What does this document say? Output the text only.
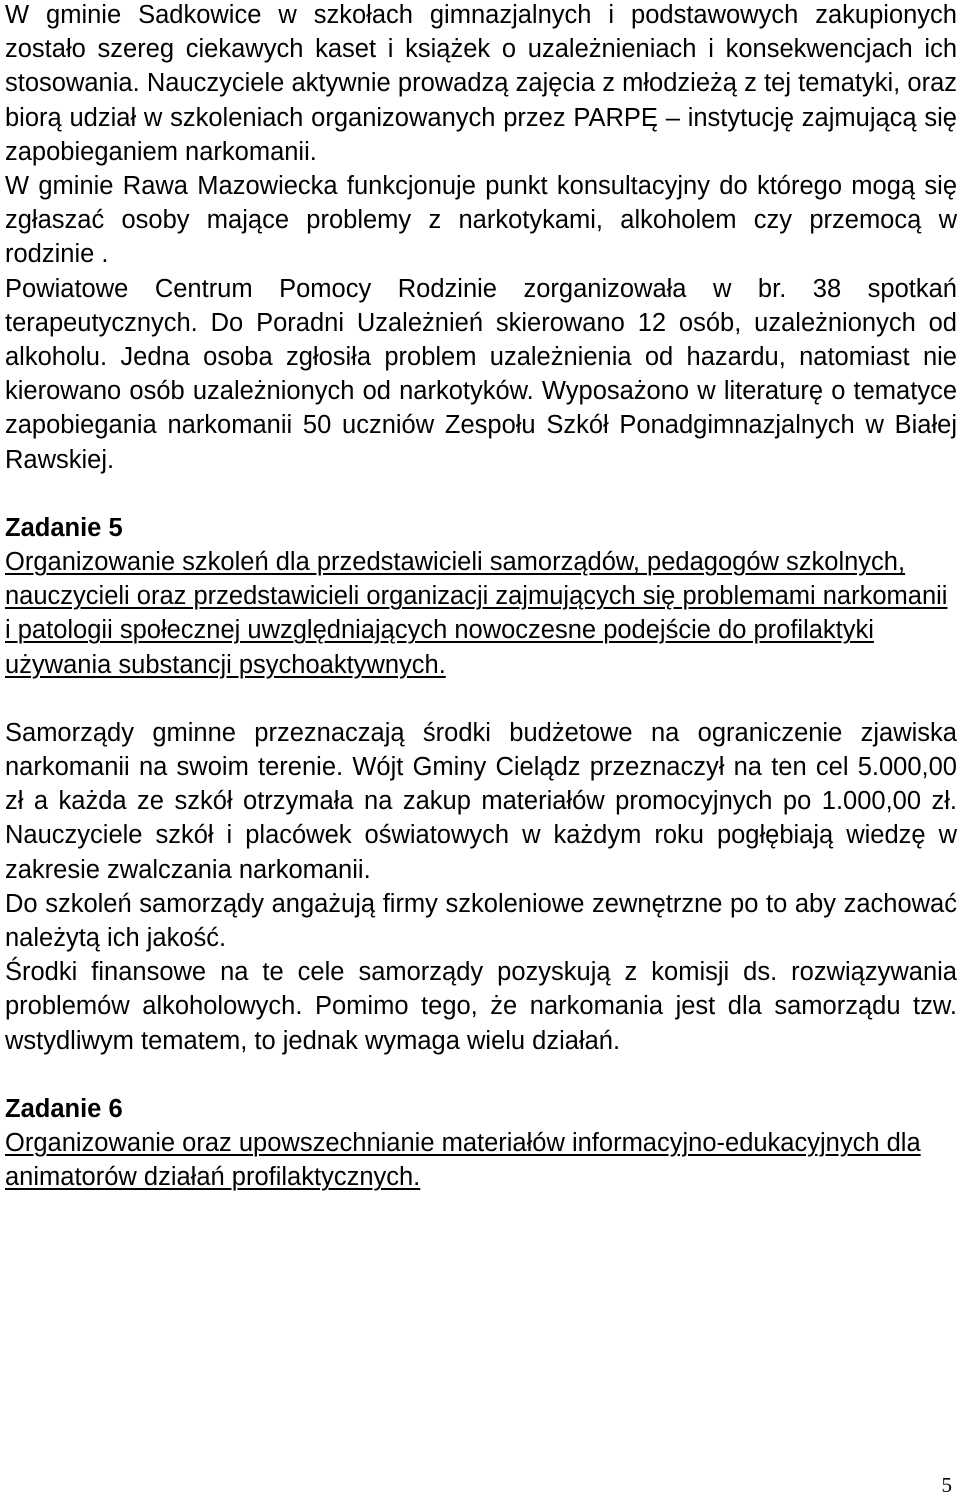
W gminie Sadkowice w szkołach gimnazjalnych i podstawowych zakupionych zostało szereg ciekawych kaset i książek o uzależnieniach i konsekwencjach ich stosowania. Nauczyciele aktywnie prowadzą zajęcia z młodzieżą z tej tematyki, oraz biorą udział w szkoleniach organizowanych przez PARPĘ – instytucję zajmującą się zapobieganiem narkomanii.

W gminie Rawa Mazowiecka funkcjonuje punkt konsultacyjny do którego mogą się zgłaszać osoby mające problemy z narkotykami, alkoholem czy przemocą w rodzinie .

Powiatowe Centrum Pomocy Rodzinie zorganizowała w br. 38 spotkań terapeutycznych. Do Poradni Uzależnień skierowano 12 osób, uzależnionych od alkoholu. Jedna osoba zgłosiła problem uzależnienia od hazardu, natomiast nie kierowano osób uzależnionych od narkotyków. Wyposażono w literaturę o tematyce zapobiegania narkomanii 50 uczniów Zespołu Szkół Ponadgimnazjalnych w Białej Rawskiej.

Zadanie 5

Organizowanie szkoleń dla przedstawicieli samorządów, pedagogów szkolnych, nauczycieli oraz przedstawicieli organizacji zajmujących się problemami narkomanii i patologii społecznej uwzględniających nowoczesne podejście do profilaktyki używania substancji psychoaktywnych.

Samorządy gminne przeznaczają środki budżetowe na ograniczenie zjawiska narkomanii na swoim terenie. Wójt Gminy Cielądz przeznaczył na ten cel 5.000,00 zł a każda ze szkół otrzymała na zakup materiałów promocyjnych po 1.000,00 zł. Nauczyciele szkół i placówek oświatowych w każdym roku pogłębiają wiedzę w zakresie zwalczania narkomanii.

Do szkoleń samorządy angażują firmy szkoleniowe zewnętrzne po to aby zachować należytą ich jakość.

Środki finansowe na te cele samorządy pozyskują z komisji ds. rozwiązywania problemów alkoholowych. Pomimo tego, że narkomania jest dla samorządu tzw. wstydliwym tematem, to jednak wymaga wielu działań.

Zadanie 6

Organizowanie oraz upowszechnianie materiałów informacyjno-edukacyjnych dla animatorów działań profilaktycznych.

5
